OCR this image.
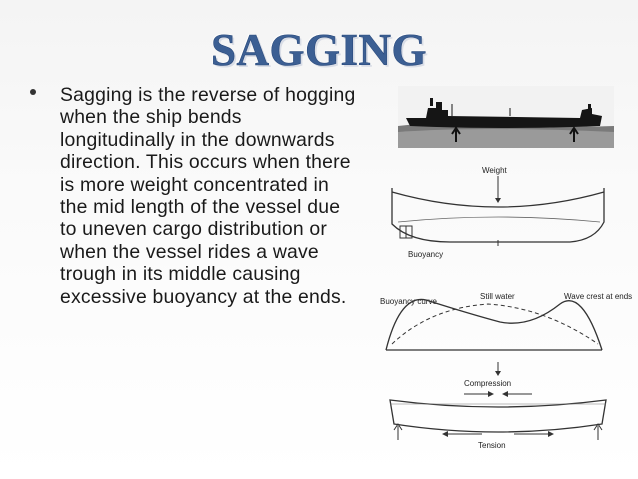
SAGGING
Sagging is the reverse of hogging when the ship bends longitudinally in the downwards direction. This occurs when there is more weight concentrated in the mid length of the vessel due to uneven cargo distribution or when the vessel rides a wave trough in its middle causing excessive buoyancy at the ends.
Weight
Buoyancy
Buoyancy curve
Still water	Wave crest at ends
Compression
Tension
